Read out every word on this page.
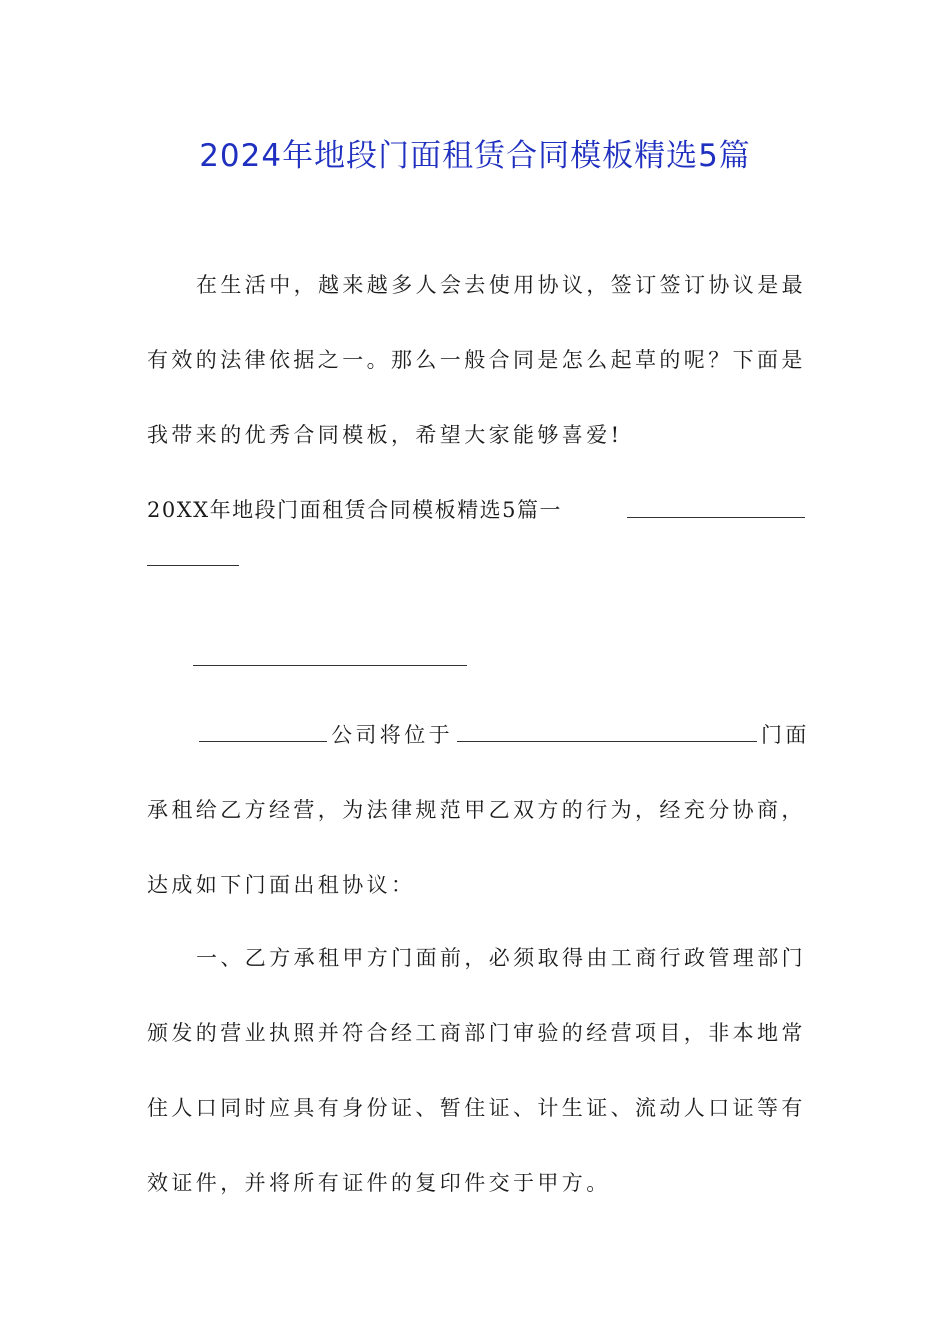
2024年地段门面租赁合同模板精选5篇
在生活中，越来越多人会去使用协议，签订签订协议是最
有效的法律依据之一。那么一般合同是怎么起草的呢？下面是
我带来的优秀合同模板，希望大家能够喜爱!
20XX年地段门面租赁合同模板精选5篇一
公司将位于	门面
承租给乙方经营，为法律规范甲乙双方的行为，经充分协商，
达成如下门面出租协议：
一、乙方承租甲方门面前，必须取得由工商行政管理部门
颁发的营业执照并符合经工商部门审验的经营项目，非本地常
住人口同时应具有身份证、暂住证、计生证、流动人口证等有
效证件，并将所有证件的复印件交于甲方。
